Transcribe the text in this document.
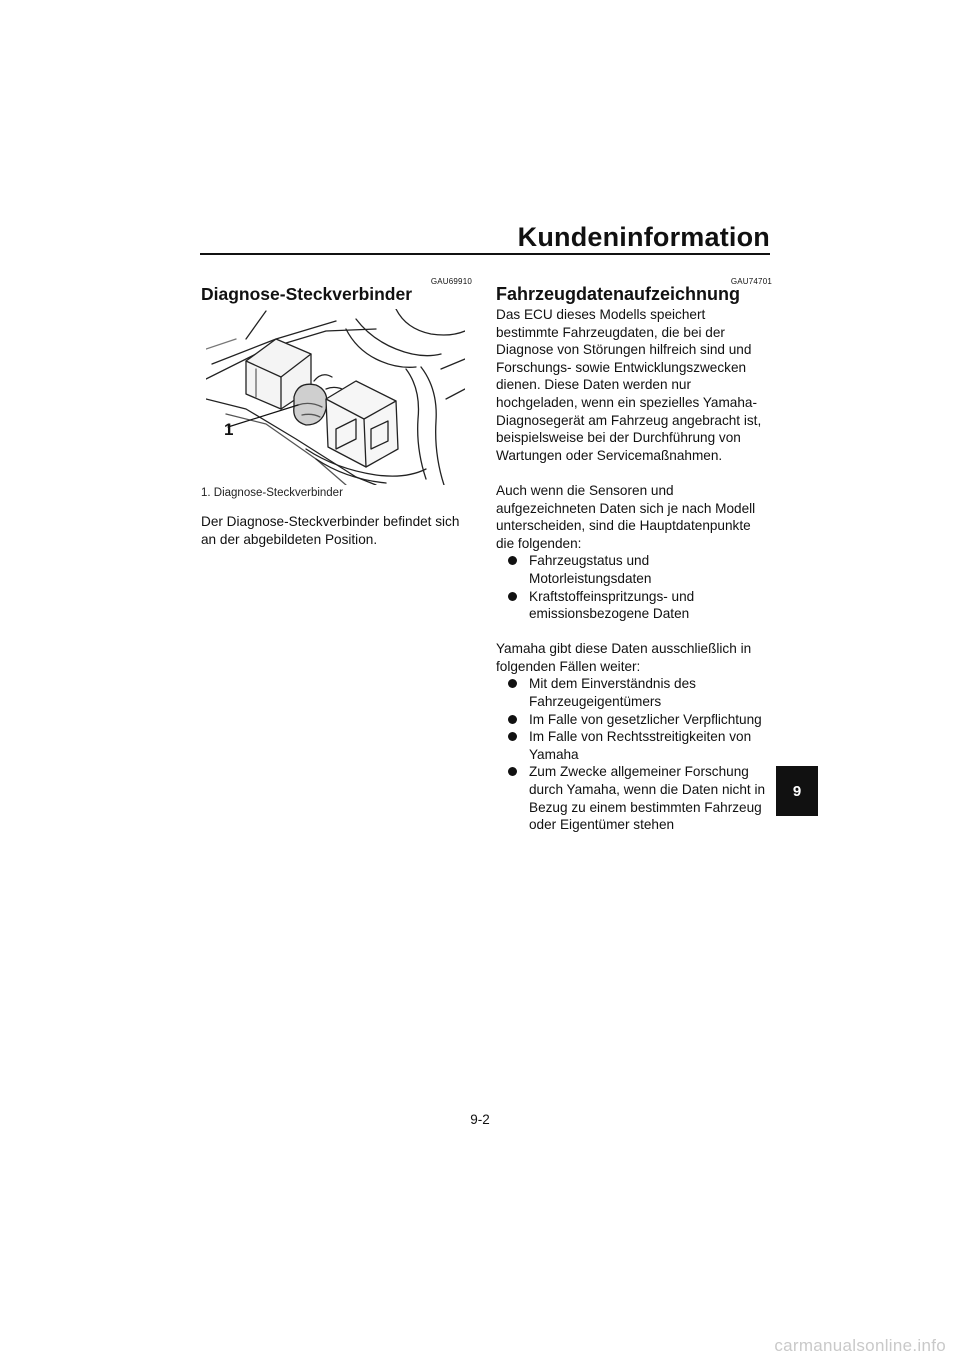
Kundeninformation
GAU69910
Diagnose-Steckverbinder
1
1. Diagnose-Steckverbinder
Der Diagnose-Steckverbinder befindet sich an der abgebildeten Position.
GAU74701
Fahrzeugdatenaufzeichnung

Das ECU dieses Modells speichert bestimmte Fahrzeugdaten, die bei der Diagnose von Störungen hilfreich sind und Forschungs- sowie Entwicklungszwecken dienen. Diese Daten werden nur hochgeladen, wenn ein spezielles Yamaha-Diagnosegerät am Fahrzeug angebracht ist, beispielsweise bei der Durchführung von Wartungen oder Servicemaßnahmen.

Auch wenn die Sensoren und aufgezeichneten Daten sich je nach Modell unterscheiden, sind die Hauptdatenpunkte die folgenden:

Fahrzeugstatus und Motorleistungsdaten
Kraftstoffeinspritzungs- und emissionsbezogene Daten

Yamaha gibt diese Daten ausschließlich in folgenden Fällen weiter:

Mit dem Einverständnis des Fahrzeugeigentümers
Im Falle von gesetzlicher Verpflichtung
Im Falle von Rechtsstreitigkeiten von Yamaha
Zum Zwecke allgemeiner Forschung durch Yamaha, wenn die Daten nicht in Bezug zu einem bestimmten Fahrzeug oder Eigentümer stehen
9
9-2
carmanualsonline.info
